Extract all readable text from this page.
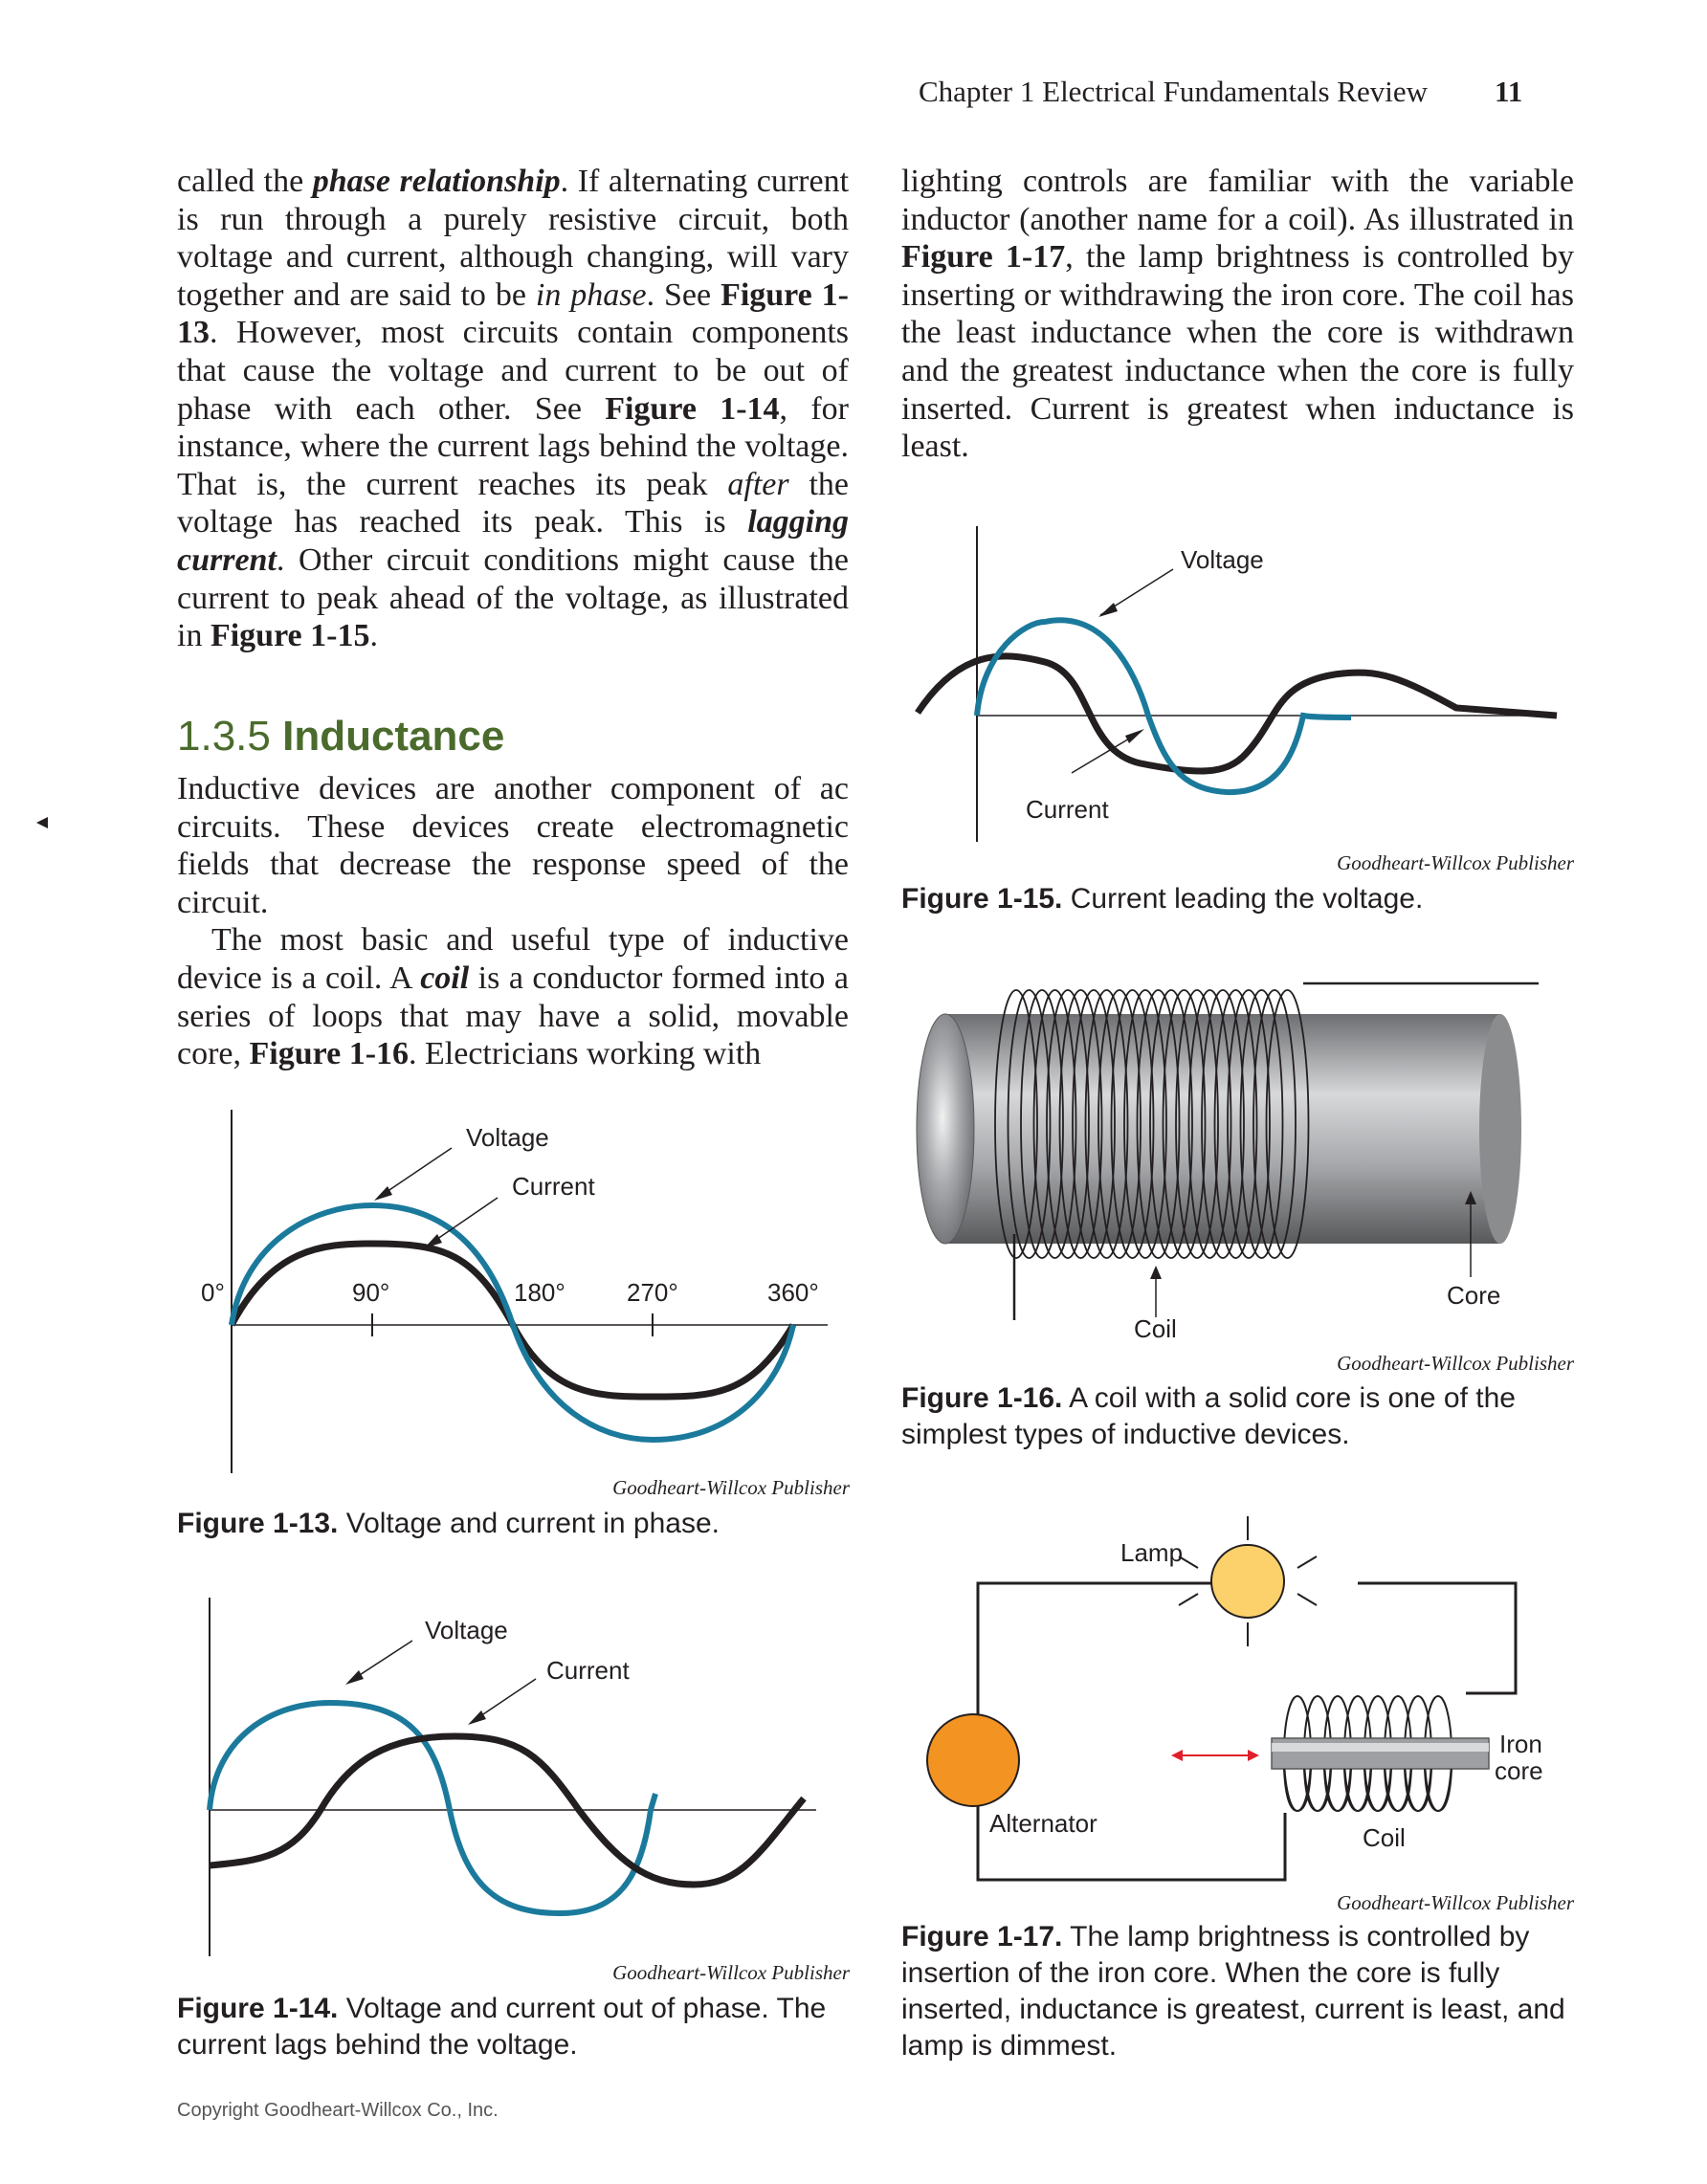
Chapter 1 Electrical Fundamentals Review 11

called the phase relationship. If alternating current is run through a purely resistive circuit, both voltage and current, although changing, will vary together and are said to be in phase. See Figure 1-13. However, most circuits contain components that cause the voltage and current to be out of phase with each other. See Figure 1-14, for instance, where the current lags behind the voltage. That is, the current reaches its peak after the voltage has reached its peak. This is lagging current. Other circuit conditions might cause the current to peak ahead of the voltage, as illustrated in Figure 1-15.

1.3.5 Inductance

Inductive devices are another component of ac circuits. These devices create electromagnetic fields that decrease the response speed of the circuit.

The most basic and useful type of inductive device is a coil. A coil is a conductor formed into a series of loops that may have a solid, movable core, Figure 1-16. Electricians working with

lighting controls are familiar with the variable inductor (another name for a coil). As illustrated in Figure 1-17, the lamp brightness is controlled by inserting or withdrawing the iron core. The coil has the least inductance when the core is withdrawn and the greatest inductance when the core is fully inserted. Current is greatest when inductance is least.

Voltage
Current
Goodheart-Willcox Publisher
Figure 1-15. Current leading the voltage.
Coil
Core
Goodheart-Willcox Publisher
Figure 1-16. A coil with a solid core is one of the simplest types of inductive devices.
Lamp
Alternator
Iron
core
Coil
Goodheart-Willcox Publisher
Figure 1-17. The lamp brightness is controlled by insertion of the iron core. When the core is fully inserted, inductance is greatest, current is least, and lamp is dimmest.
Voltage
Current
0°	90°	180° 270°	360°
Goodheart-Willcox Publisher
Figure 1-13. Voltage and current in phase.
Voltage
Current
Goodheart-Willcox Publisher
Figure 1-14. Voltage and current out of phase. The current lags behind the voltage.
Copyright Goodheart-Willcox Co., Inc.
